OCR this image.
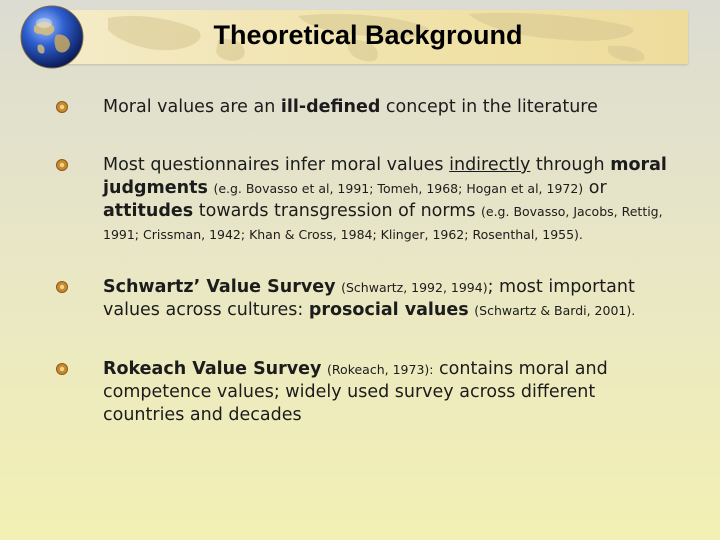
Theoretical Background
Moral values are an ill-defined concept in the literature
Most questionnaires infer moral values indirectly through moral judgments (e.g. Bovasso et al, 1991; Tomeh, 1968; Hogan et al, 1972) or attitudes towards transgression of norms (e.g. Bovasso, Jacobs, Rettig, 1991; Crissman, 1942; Khan & Cross, 1984; Klinger, 1962; Rosenthal, 1955).
Schwartz’ Value Survey (Schwartz, 1992, 1994); most important values across cultures: prosocial values (Schwartz & Bardi, 2001).
Rokeach Value Survey (Rokeach, 1973): contains moral and competence values; widely used survey across different countries and decades
